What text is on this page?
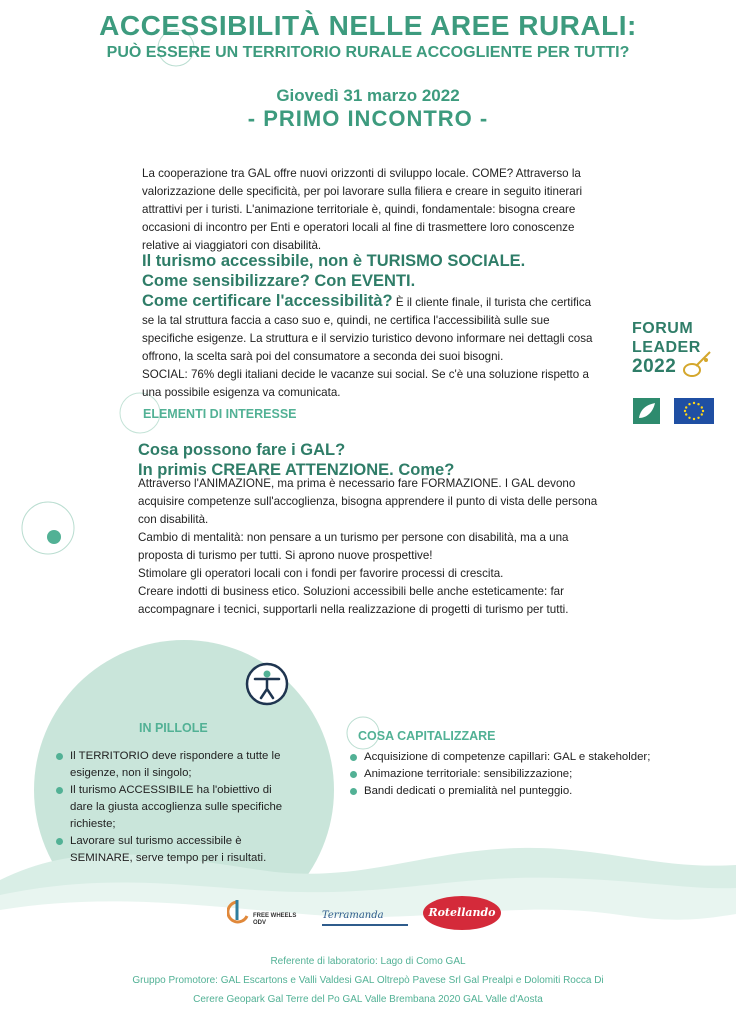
ACCESSIBILITÀ NELLE AREE RURALI:
PUÒ ESSERE UN TERRITORIO RURALE ACCOGLIENTE PER TUTTI?
Giovedì 31 marzo 2022
- PRIMO INCONTRO -
La cooperazione tra GAL offre nuovi orizzonti di sviluppo locale. COME? Attraverso la valorizzazione delle specificità, per poi lavorare sulla filiera e creare in seguito itinerari attrattivi per i turisti. L'animazione territoriale è, quindi, fondamentale: bisogna creare occasioni di incontro per Enti e operatori locali al fine di trasmettere loro conoscenze relative ai viaggiatori con disabilità.
Il turismo accessibile, non è TURISMO SOCIALE.
Come sensibilizzare? Con EVENTI.
Come certificare l'accessibilità? È il cliente finale, il turista che certifica se la tal struttura faccia a caso suo e, quindi, ne certifica l'accessibilità sulle sue specifiche esigenze. La struttura e il servizio turistico devono informare nei dettagli cosa offrono, la scelta sarà poi del consumatore a seconda dei suoi bisogni.
SOCIAL: 76% degli italiani decide le vacanze sui social. Se c'è una soluzione rispetto a una possibile esigenza va comunicata.
FORUM
LEADER
2022
ELEMENTI DI INTERESSE
Cosa possono fare i GAL?
In primis CREARE ATTENZIONE. Come?
Attraverso l'ANIMAZIONE, ma prima è necessario fare FORMAZIONE. I GAL devono acquisire competenze sull'accoglienza, bisogna apprendere il punto di vista delle persona con disabilità.
Cambio di mentalità: non pensare a un turismo per persone con disabilità, ma a una proposta di turismo per tutti. Si aprono nuove prospettive!
Stimolare gli operatori locali con i fondi per favorire processi di crescita.
Creare indotti di business etico. Soluzioni accessibili belle anche esteticamente: far accompagnare i tecnici, supportarli nella realizzazione di progetti di turismo per tutti.
IN PILLOLE
Il TERRITORIO deve rispondere a tutte le esigenze, non il singolo;
Il turismo ACCESSIBILE ha l'obiettivo di dare la giusta accoglienza sulle specifiche richieste;
Lavorare sul turismo accessibile è SEMINARE, serve tempo per i risultati.
COSA CAPITALIZZARE
Acquisizione di competenze capillari: GAL e stakeholder;
Animazione territoriale: sensibilizzazione;
Bandi dedicati o premialità nel punteggio.
FREE WHEELS
ODV
Terramanda	Rotellando
Referente di laboratorio: Lago di Como GAL
Gruppo Promotore: GAL Escartons e Valli Valdesi GAL Oltrepò Pavese Srl Gal Prealpi e Dolomiti Rocca Di
Cerere Geopark Gal Terre del Po GAL Valle Brembana 2020 GAL Valle d'Aosta
